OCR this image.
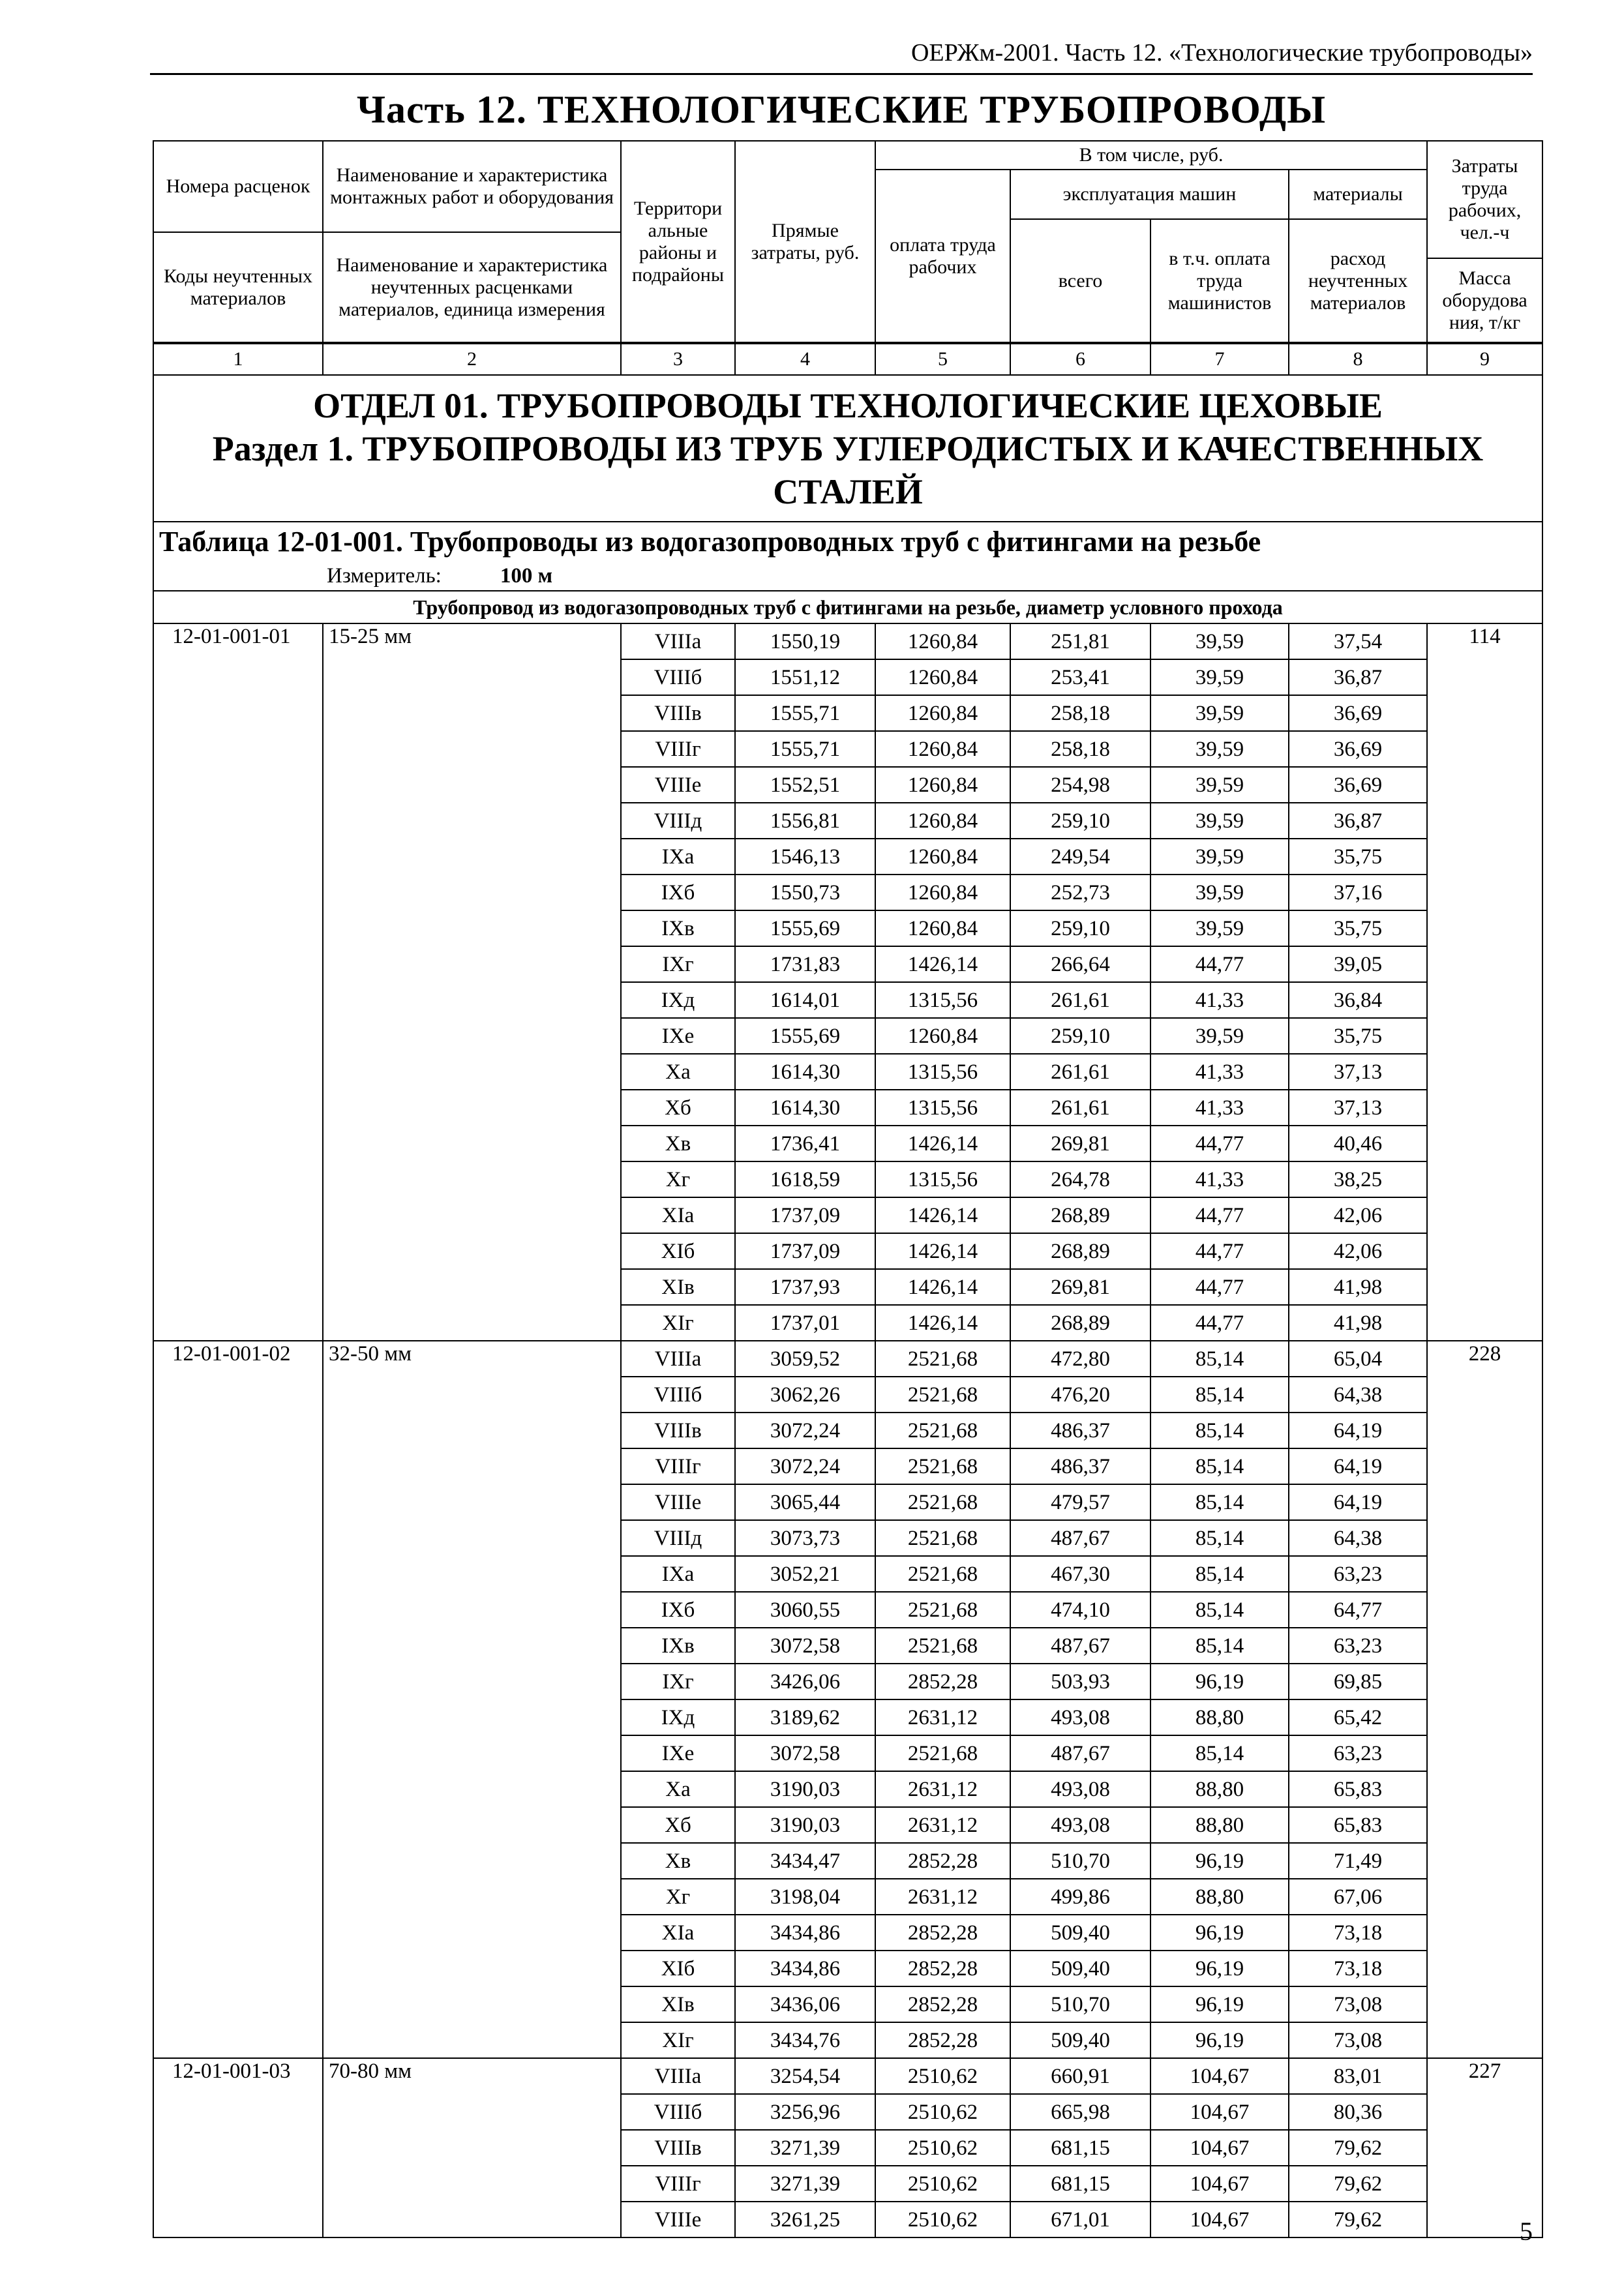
ОЕРЖм-2001. Часть 12. «Технологические трубопроводы»
Часть 12. ТЕХНОЛОГИЧЕСКИЕ ТРУБОПРОВОДЫ
Номера расценок	Наименование и характеристика монтажных работ и оборудования	Территори альные районы и подрайоны	Прямые затраты, руб.	В том числе, руб.				Затраты труда рабочих, чел.-ч
				оплата труда рабочих	эксплуатация машин		материалы	
					всего	в т.ч. оплата труда машинистов	расход неучтенных материалов	
Коды неучтенных материалов	Наименование и характеристика неучтенных расценками материалов, единица измерения							
								Масса оборудова ния, т/кг
1	2	3	4	5	6	7	8	9

ОТДЕЛ 01. ТРУБОПРОВОДЫ ТЕХНОЛОГИЧЕСКИЕ ЦЕХОВЫЕ
Раздел 1. ТРУБОПРОВОДЫ ИЗ ТРУБ УГЛЕРОДИСТЫХ И КАЧЕСТВЕННЫХ СТАЛЕЙ								

Таблица 12-01-001. Трубопроводы из водогазопроводных труб с фитингами на резьбе								
Измеритель: 100 м								
Трубопровод из водогазопроводных труб с фитингами на резьбе, диаметр условного прохода								
12-01-001-01	15-25 мм	VIIIa	1550,19	1260,84	251,81	39,59	37,54	114
		VIIIб	1551,12	1260,84	253,41	39,59	36,87	
		VIIIв	1555,71	1260,84	258,18	39,59	36,69	
		VIIIг	1555,71	1260,84	258,18	39,59	36,69	
		VIIIе	1552,51	1260,84	254,98	39,59	36,69	
		VIIIд	1556,81	1260,84	259,10	39,59	36,87	
		IXa	1546,13	1260,84	249,54	39,59	35,75	
		IXб	1550,73	1260,84	252,73	39,59	37,16	
		IXв	1555,69	1260,84	259,10	39,59	35,75	
		IXг	1731,83	1426,14	266,64	44,77	39,05	
		IXд	1614,01	1315,56	261,61	41,33	36,84	
		IXе	1555,69	1260,84	259,10	39,59	35,75	
		Xa	1614,30	1315,56	261,61	41,33	37,13	
		Xб	1614,30	1315,56	261,61	41,33	37,13	
		Xв	1736,41	1426,14	269,81	44,77	40,46	
		Xг	1618,59	1315,56	264,78	41,33	38,25	
		XIa	1737,09	1426,14	268,89	44,77	42,06	
		XIб	1737,09	1426,14	268,89	44,77	42,06	
		XIв	1737,93	1426,14	269,81	44,77	41,98	
		XIг	1737,01	1426,14	268,89	44,77	41,98	
12-01-001-02	32-50 мм	VIIIa	3059,52	2521,68	472,80	85,14	65,04	228
		VIIIб	3062,26	2521,68	476,20	85,14	64,38	
		VIIIв	3072,24	2521,68	486,37	85,14	64,19	
		VIIIг	3072,24	2521,68	486,37	85,14	64,19	
		VIIIе	3065,44	2521,68	479,57	85,14	64,19	
		VIIIд	3073,73	2521,68	487,67	85,14	64,38	
		IXa	3052,21	2521,68	467,30	85,14	63,23	
		IXб	3060,55	2521,68	474,10	85,14	64,77	
		IXв	3072,58	2521,68	487,67	85,14	63,23	
		IXг	3426,06	2852,28	503,93	96,19	69,85	
		IXд	3189,62	2631,12	493,08	88,80	65,42	
		IXе	3072,58	2521,68	487,67	85,14	63,23	
		Xa	3190,03	2631,12	493,08	88,80	65,83	
		Xб	3190,03	2631,12	493,08	88,80	65,83	
		Xв	3434,47	2852,28	510,70	96,19	71,49	
		Xг	3198,04	2631,12	499,86	88,80	67,06	
		XIa	3434,86	2852,28	509,40	96,19	73,18	
		XIб	3434,86	2852,28	509,40	96,19	73,18	
		XIв	3436,06	2852,28	510,70	96,19	73,08	
		XIг	3434,76	2852,28	509,40	96,19	73,08	
12-01-001-03	70-80 мм	VIIIa	3254,54	2510,62	660,91	104,67	83,01	227
		VIIIб	3256,96	2510,62	665,98	104,67	80,36	
		VIIIв	3271,39	2510,62	681,15	104,67	79,62	
		VIIIг	3271,39	2510,62	681,15	104,67	79,62	
		VIIIе	3261,25	2510,62	671,01	104,67	79,62		5
